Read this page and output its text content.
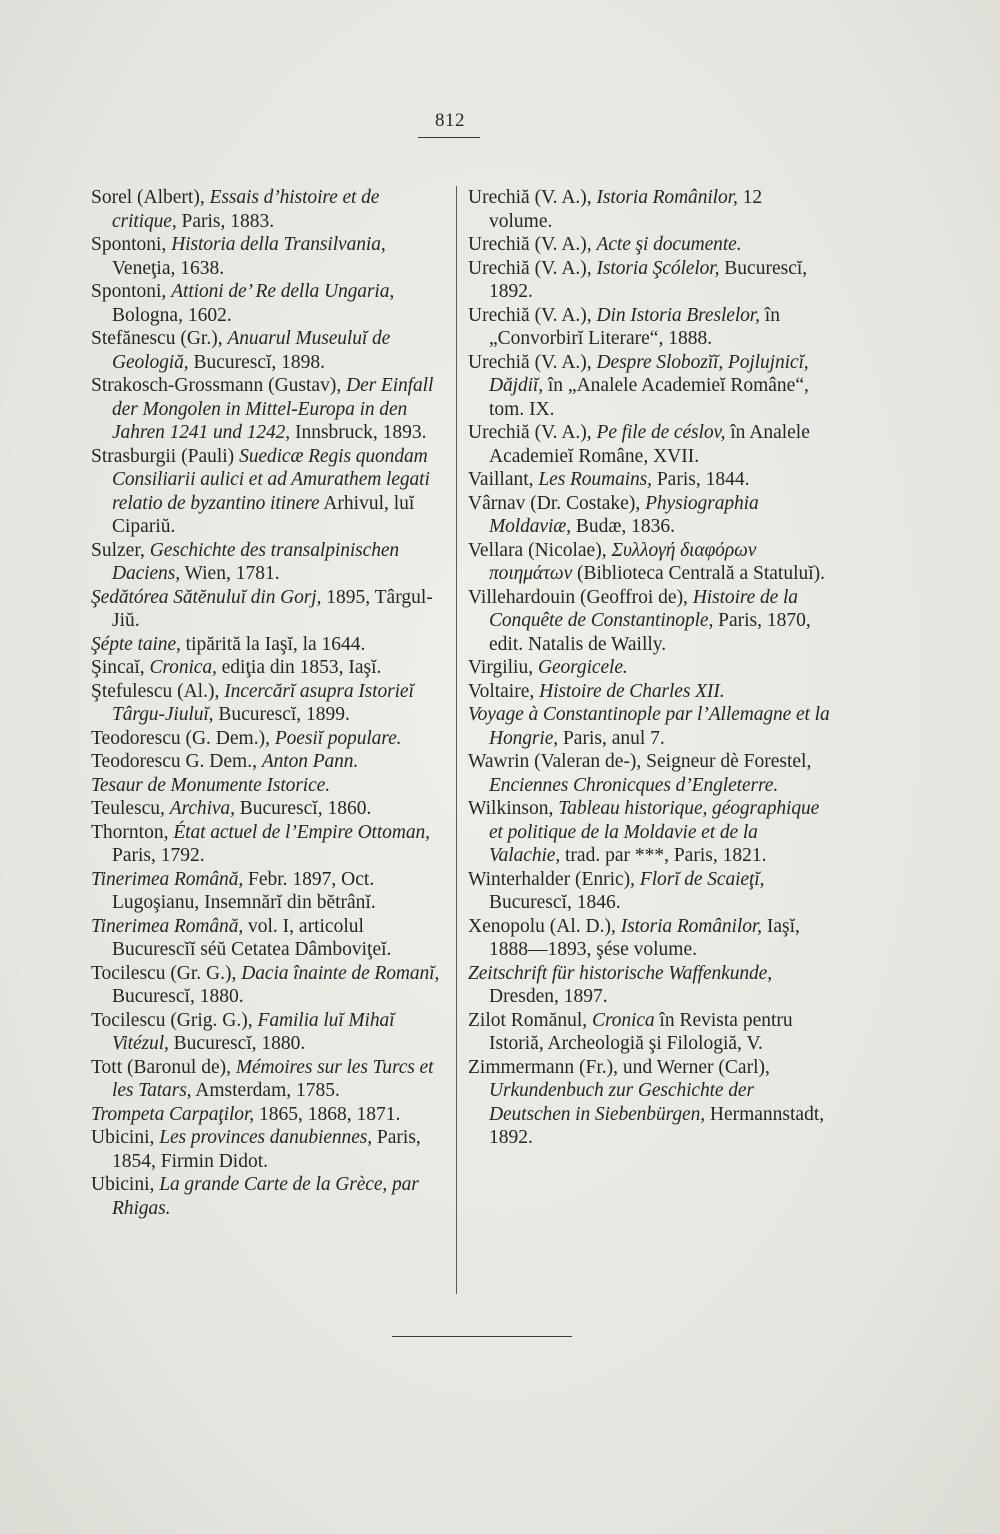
812

Sorel (Albert), Essais d’histoire et de critique, Paris, 1883.

Spontoni, Historia della Transilvania, Veneţia, 1638.

Spontoni, Attioni de’ Re della Ungaria, Bologna, 1602.

Stefănescu (Gr.), Anuarul Museuluĭ de Geologiă, Bucurescĭ, 1898.

Strakosch-Grossmann (Gustav), Der Einfall der Mongolen in Mittel-Europa in den Jahren 1241 und 1242, Innsbruck, 1893.

Strasburgii (Pauli) Suedicæ Regis quondam Consiliarii aulici et ad Amurathem legati relatio de byzantino itinere Arhivul, luĭ Cipariŭ.

Sulzer, Geschichte des transalpinischen Daciens, Wien, 1781.

Şedătórea Sătĕnuluĭ din Gorj, 1895, Târgul-Jiŭ.

Şépte taine, tipărită la Iaşĭ, la 1644.

Şincaĭ, Cronica, ediţia din 1853, Iaşĭ.

Ştefulescu (Al.), Incercărĭ asupra Istorieĭ Târgu-Jiuluĭ, Bucurescĭ, 1899.

Teodorescu (G. Dem.), Poesiĭ populare.

Teodorescu G. Dem., Anton Pann.

Tesaur de Monumente Istorice.

Teulescu, Archiva, Bucurescĭ, 1860.

Thornton, État actuel de l’Empire Ottoman, Paris, 1792.

Tinerimea Română, Febr. 1897, Oct. Lugoşianu, Insemnărĭ din bĕtrânĭ.

Tinerimea Română, vol. I, articolul Bucurescĭĭ séŭ Cetatea Dâmboviţeĭ.

Tocilescu (Gr. G.), Dacia înainte de Romanĭ, Bucurescĭ, 1880.

Tocilescu (Grig. G.), Familia luĭ Mihaĭ Vitézul, Bucurescĭ, 1880.

Tott (Baronul de), Mémoires sur les Turcs et les Tatars, Amsterdam, 1785.

Trompeta Carpaţilor, 1865, 1868, 1871.

Ubicini, Les provinces danubiennes, Paris, 1854, Firmin Didot.

Ubicini, La grande Carte de la Grèce, par Rhigas.

Urechiă (V. A.), Istoria Românilor, 12 volume.

Urechiă (V. A.), Acte şi documente.

Urechiă (V. A.), Istoria Şcólelor, Bucurescĭ, 1892.

Urechiă (V. A.), Din Istoria Breslelor, în „Convorbirĭ Literare“, 1888.

Urechiă (V. A.), Despre Slobozĭĭ, Pojlujnicĭ, Dăjdiĭ, în „Analele Academieĭ Române“, tom. IX.

Urechiă (V. A.), Pe file de céslov, în Analele Academieĭ Române, XVII.

Vaillant, Les Roumains, Paris, 1844.

Vârnav (Dr. Costake), Physiographia Moldaviæ, Budæ, 1836.

Vellara (Nicolae), Συλλογή διαφόρων ποιημάτων (Biblioteca Centrală a Statuluĭ).

Villehardouin (Geoffroi de), Histoire de la Conquête de Constantinople, Paris, 1870, edit. Natalis de Wailly.

Virgiliu, Georgicele.

Voltaire, Histoire de Charles XII.

Voyage à Constantinople par l’Allemagne et la Hongrie, Paris, anul 7.

Wawrin (Valeran de-), Seigneur dè Forestel, Enciennes Chronicques d’Engleterre.

Wilkinson, Tableau historique, géographique et politique de la Moldavie et de la Valachie, trad. par ***, Paris, 1821.

Winterhalder (Enric), Florĭ de Scaieţĭ, Bucurescĭ, 1846.

Xenopolu (Al. D.), Istoria Românilor, Iaşĭ, 1888—1893, şése volume.

Zeitschrift für historische Waffenkunde, Dresden, 1897.

Zilot Romănul, Cronica în Revista pentru Istoriă, Archeologiă şi Filologiă, V.

Zimmermann (Fr.), und Werner (Carl), Urkundenbuch zur Geschichte der Deutschen in Siebenbürgen, Hermannstadt, 1892.
